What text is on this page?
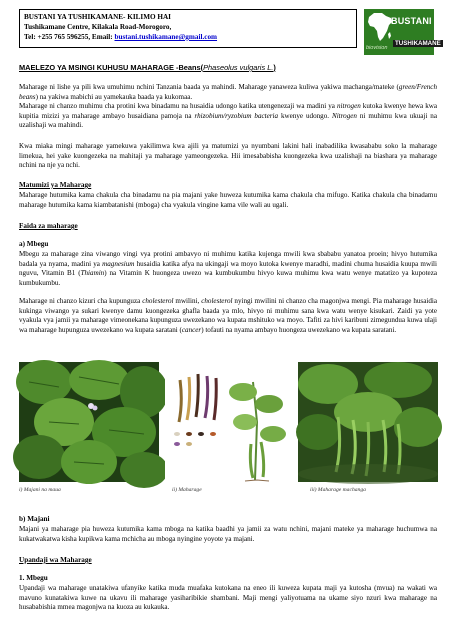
BUSTANI YA TUSHIKAMANE- KILIMO HAI
Tushikamane Centre, Kilakala Road-Morogoro,
Tel: +255 765 596255, Email: bustani.tushikamane@gmail.com
BUSTANI
TUSHIKAMANE
biovision
MAELEZO YA MSINGI KUHUSU MAHARAGE -Beans(Phaseolus vulgaris L.)
Maharage ni lishe ya pili kwa umuhimu nchini Tanzania baada ya mahindi. Maharage yanaweza kuliwa yakiwa machanga/mateke (green/French beans) na yakiwa mabichi au yamekauka baada ya kukomaa.
Maharage ni chanzo muhimu cha protini kwa binadamu na husaidia udongo katika utengenezaji wa madini ya nitrogen kutoka kwenye hewa kwa kupitia mizizi ya maharage ambayo husaidiana pamoja na rhizobium/ryzobium bacteria kwenye udongo. Nitrogen ni muhimu kwa ukuaji na uzalishaji wa mahindi.
Kwa miaka mingi maharage yamekuwa yakilimwa kwa ajili ya matumizi ya nyumbani lakini hali inabadilika kwasababu soko la maharage limekua, hei yake kuongezeka na mahitaji ya maharage yameongezeka. Hii imesababisha kuongezeka kwa uzalishaji na biashara ya maharage nchini na nje ya nchi.
Matumizi ya Maharage
Maharage hutumika kama chakula cha binadamu na pia majani yake huweza kutumika kama chakula cha mifugo. Katika chakula cha binadamu maharage hutumika kama kiambatanishi (mboga) cha vyakula vingine kama vile wali au ugali.
Faida za maharage
a) Mbegu
Mbegu za maharage zina viwango vingi vya protini ambavyo ni muhimu katika kujenga mwili kwa sbababu yanatoa proein; hivyo hutumika badala ya nyama, madini ya magnesium husaidia katika afya na ukingaji wa moyo kutoka kwenye maradhi, madini chuma husaidia kuupa mwili nguvu, Vitamin B1 (Thiamin) na Vitamin K huongeza uwezo wa kumbukumbu hivyo kuwa muhimu kwa watu wenye matatizo ya kupoteza kumbukumbu.
Maharage ni chanzo kizuri cha kupunguza cholesterol mwilini, cholesterol nyingi mwilini ni chanzo cha magonjwa mengi. Pia maharage husaidia kukinga viwango ya sukari kwenye damu kuongezeka ghafla baada ya mlo, hivyo ni muhimu sana kwa watu wenye kisukari. Zaidi ya yote vyakula vya jamii ya maharage vimeonekana kupunguza uwezekano wa kupata mshituko wa moyo. Tafiti za hivi karibuni zimegundua kuwa ulaji wa maharage hupunguza uwezekano wa kupata saratani (cancer) tofauti na nyama ambayo huongeza uwezekano wa kupata saratani.
i) Majani na maua	ii) Maharage	iii) Maharage machanga
b) Majani
Majani ya maharage pia huweza kutumika kama mboga na katika baadhi ya jamii za watu nchini, majani mateke ya maharage huchumwa na kukatwakatwa kisha kupikwa kama mchicha au mboga nyingine yoyote ya majani.
Upandaji wa Maharage
1. Mbegu
Upandaji wa maharage unatakiwa ufanyike katika muda muafaka kutokana na eneo ili kuweza kupata maji ya kutosha (mvua) na wakati wa mavuno kunatakiwa kuwe na ukavu ili maharage yasiharibikie shambani. Maji mengi yaliyotuama na ukame siyo nzuri kwa maharage na husababishia mmea magonjwa na kuoza au kukauka.
